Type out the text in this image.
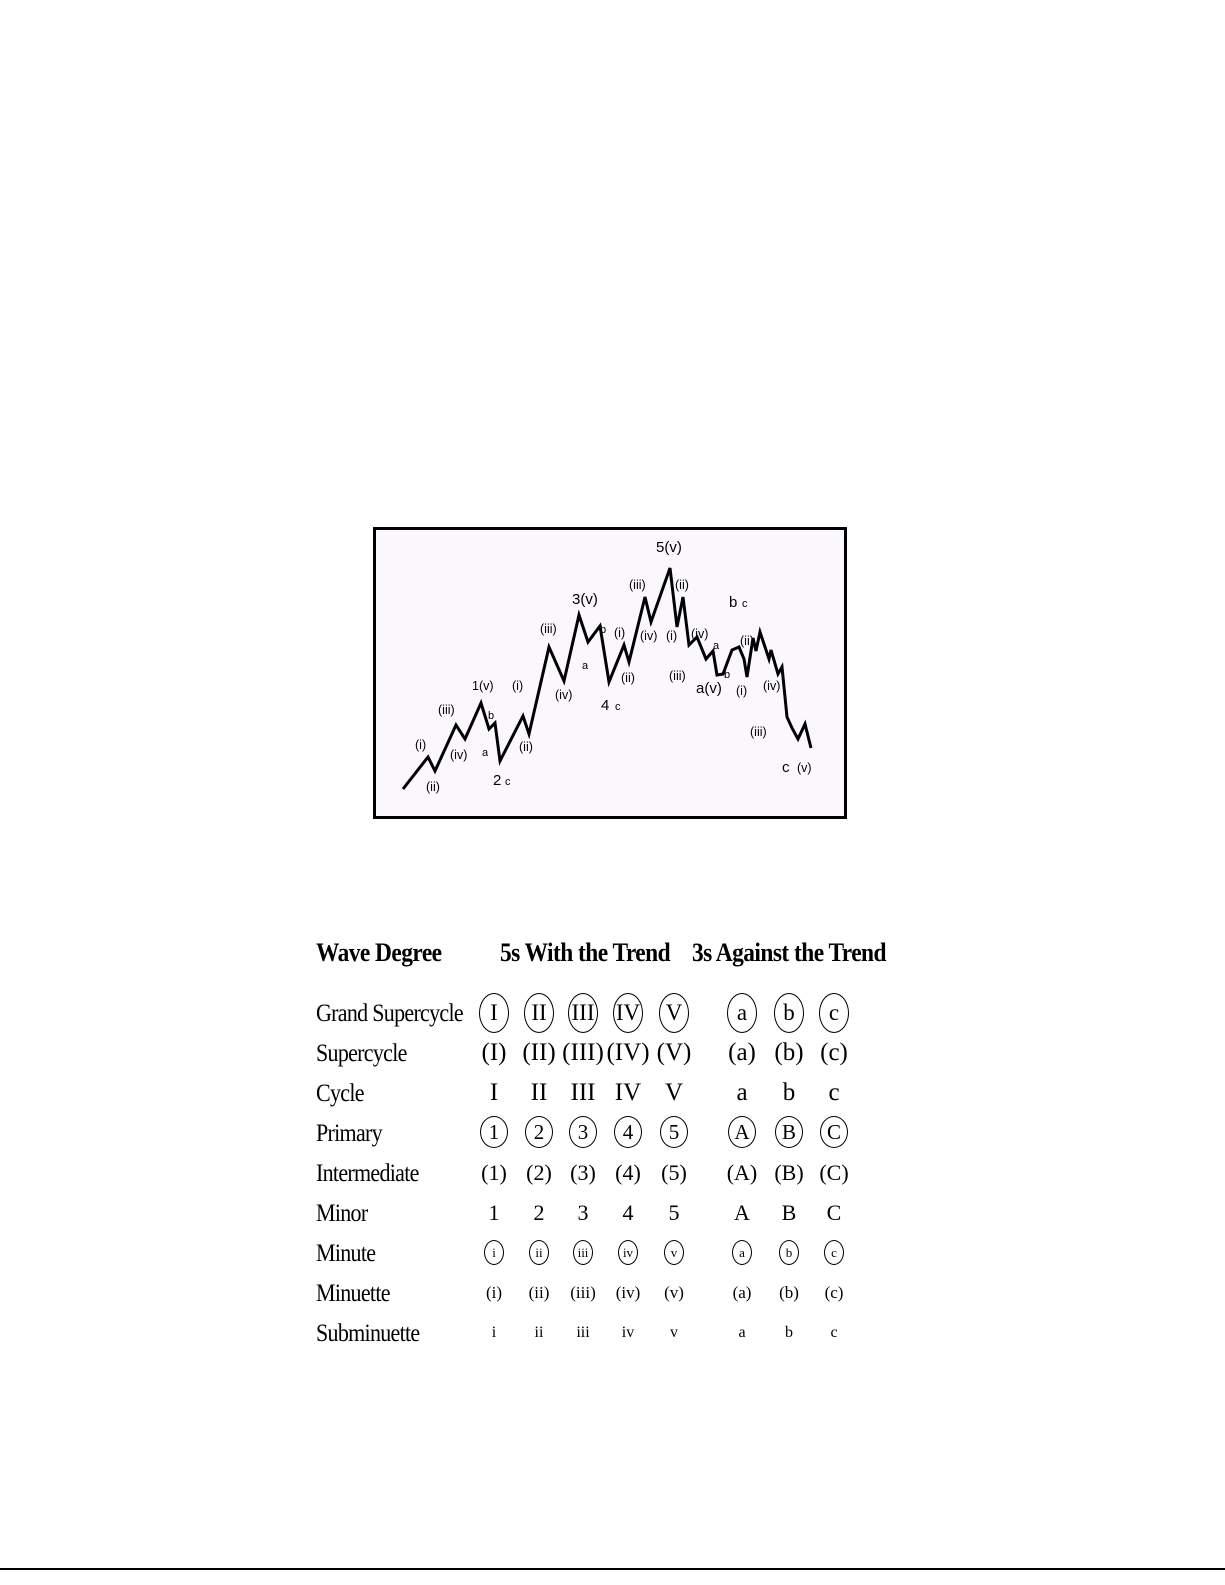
(i)
(ii)
(iii)
(iv)
1(v)
a
b
2 c
(i)
(ii)
(iii)
(iv)
3(v)
a
b
4 c
(i)
(ii)
(iii)
(iv)
5(v)
(i)
(ii)
(iii)
(iv)
a(v)
a
b
b c
(i)
(ii)
(iii)
(iv)
c (v)
Wave Degree 5s With the Trend 3s Against the Trend
Grand Supercycle	I	II	III IV	V	a	b	c
Supercycle	(I) (II) (III) (IV) (V)	(a) (b) (c)
Cycle	I	II III IV V	a	b	c
Primary	1	2	3	4	5	A	B	C
Intermediate	(1) (2) (3) (4) (5)	(A) (B) (C)
Minor	1	2	3	4	5	A	B	C
Minute	i	ii	iii	iv	v	a	b	c
Minuette	(i)	(ii)	(iii)	(iv)	(v)	(a)	(b)	(c)
Subminuette	i	ii	iii	iv	v	a	b	c
